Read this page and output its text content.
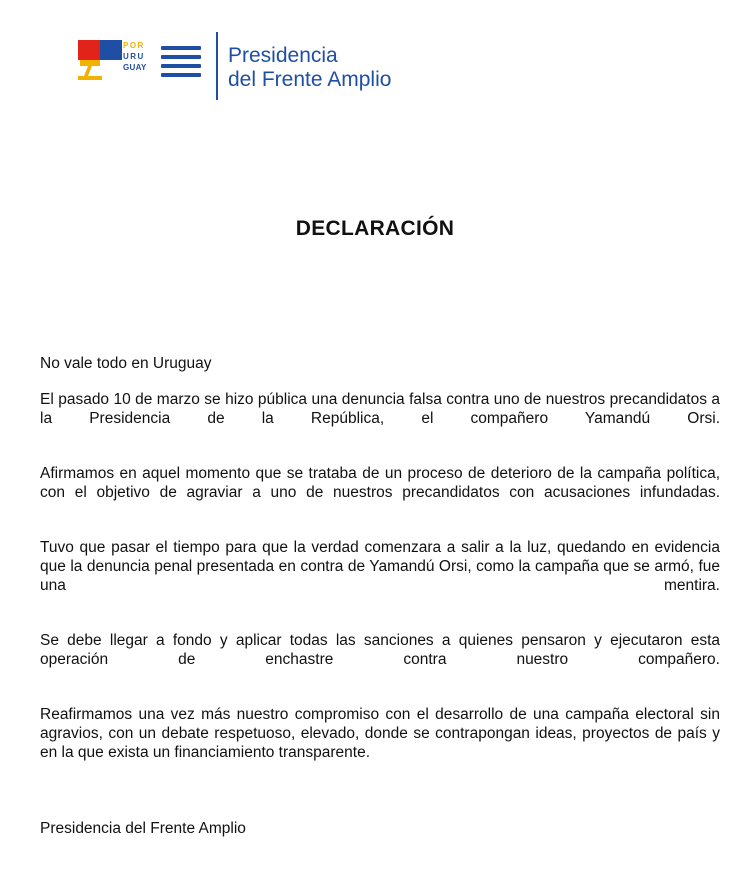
POR
URU
GUAY
Presidencia
del Frente Amplio
DECLARACIÓN

No vale todo en Uruguay

El pasado 10 de marzo se hizo pública una denuncia falsa contra uno de nuestros precandidatos a la Presidencia de la República, el compañero Yamandú Orsi.

Afirmamos en aquel momento que se trataba de un proceso de deterioro de la campaña política, con el objetivo de agraviar a uno de nuestros precandidatos con acusaciones infundadas.

Tuvo que pasar el tiempo para que la verdad comenzara a salir a la luz, quedando en evidencia que la denuncia penal presentada en contra de Yamandú Orsi, como la campaña que se armó, fue una mentira.

Se debe llegar a fondo y aplicar todas las sanciones a quienes pensaron y ejecutaron esta operación de enchastre contra nuestro compañero.

Reafirmamos una vez más nuestro compromiso con el desarrollo de una campaña electoral sin agravios, con un debate respetuoso, elevado, donde se contrapongan ideas, proyectos de país y en la que exista un financiamiento transparente.

Presidencia del Frente Amplio
